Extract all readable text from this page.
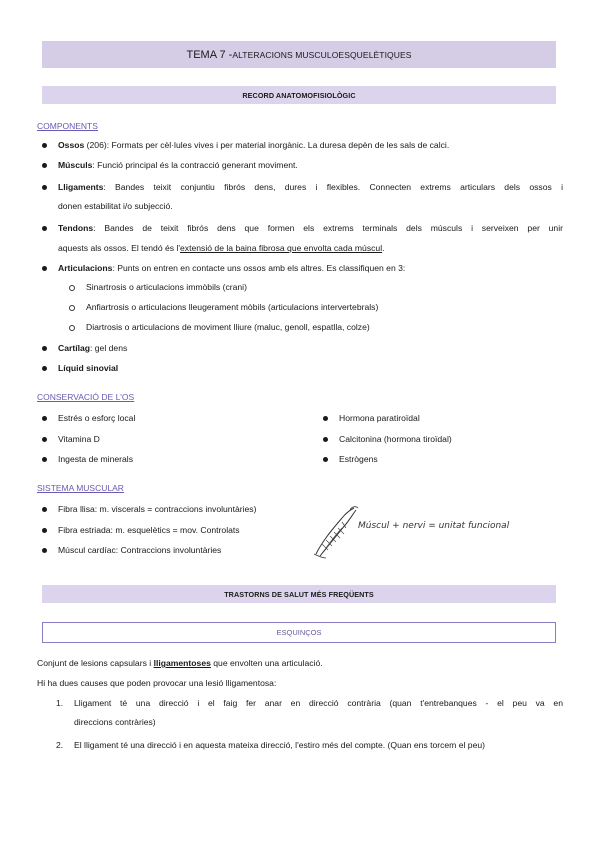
TEMA 7 - ALTERACIONS MUSCULOESQUELÈTIQUES
RECORD ANATOMOFISIOLÒGIC
COMPONENTS
Ossos (206): Formats per cèl·lules vives i per material inorgànic. La duresa depèn de les sals de calci.
Músculs: Funció principal és la contracció generant moviment.
Lligaments: Bandes teixit conjuntiu fibrós dens, dures i flexibles. Connecten extrems articulars dels ossos i
donen estabilitat i/o subjecció.
Tendons: Bandes de teixit fibrós dens que formen els extrems terminals dels músculs i serveixen per unir
aquests als ossos. El tendó és l'extensió de la baina fibrosa que envolta cada múscul.
Articulacions: Punts on entren en contacte uns ossos amb els altres. Es classifiquen en 3:
Sinartrosis o articulacions immòbils (crani)
Anfiartrosis o articulacions lleugerament mòbils (articulacions intervertebrals)
Diartrosis o articulacions de moviment lliure (maluc, genoll, espatlla, colze)
Cartílag: gel dens
Líquid sinovial
CONSERVACIÓ DE L'OS
Estrés o esforç local
Vitamina D
Ingesta de minerals
Hormona paratiroïdal
Calcitonina (hormona tiroïdal)
Estrògens
SISTEMA MUSCULAR
Fibra llisa: m. viscerals = contraccions involuntàries)
Fibra estriada: m. esquelètics = mov. Controlats
Múscul cardíac: Contraccions involuntàries
Múscul + nervi = unitat funcional
TRASTORNS DE SALUT MÉS FREQÜENTS
ESQUINÇOS
Conjunt de lesions capsulars i lligamentoses que envolten una articulació.
Hi ha dues causes que poden provocar una lesió lligamentosa:
1. Lligament té una direcció i el faig fer anar en direcció contrària (quan t'entrebanques - el peu va en
direccions contràries)
2. El lligament té una direcció i en aquesta mateixa direcció, l'estiro més del compte. (Quan ens torcem el peu)
